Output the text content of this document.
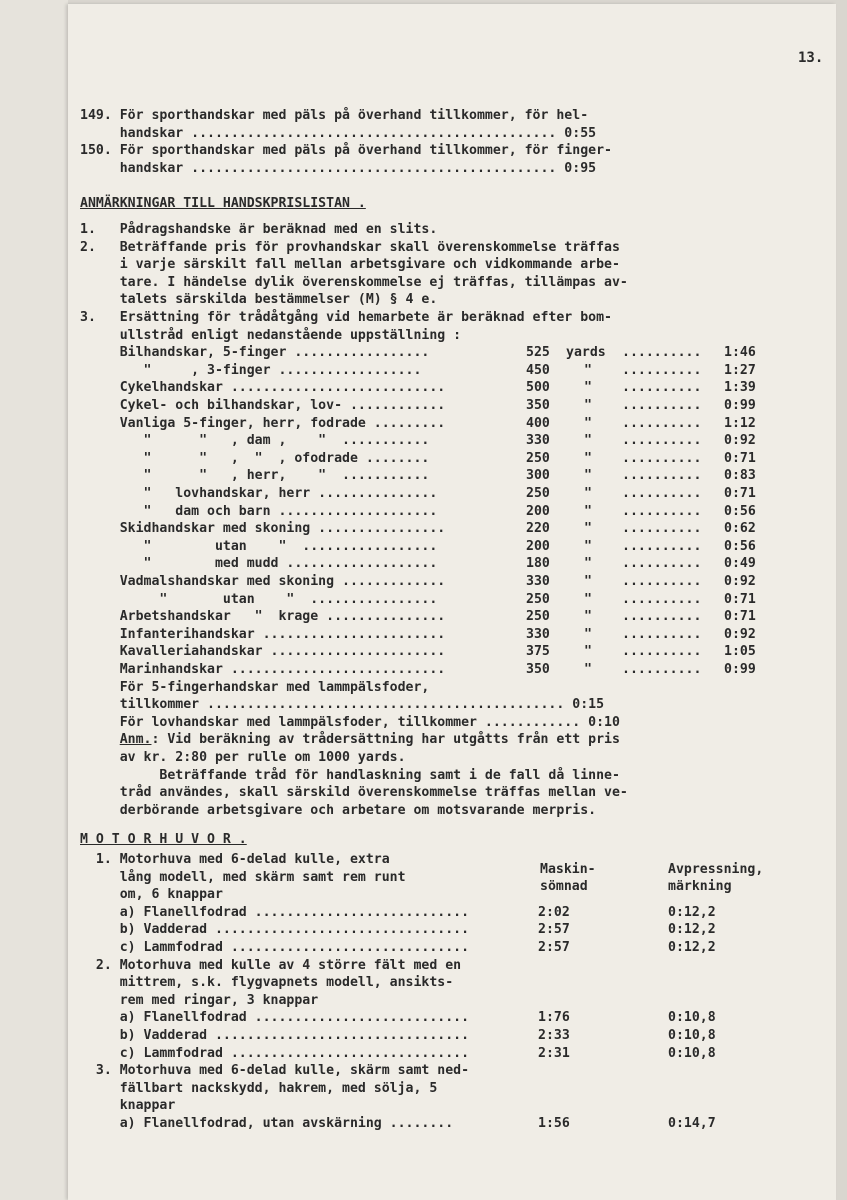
13.
149. För sporthandskar med päls på överhand tillkommer, för hel-
handskar .............................................. 0:55
150. För sporthandskar med päls på överhand tillkommer, för finger-
handskar .............................................. 0:95
ANMÄRKNINGAR TILL HANDSKPRISLISTAN .
1.   Pådragshandske är beräknad med en slits.
2.   Beträffande pris för provhandskar skall överenskommelse träffas
i varje särskilt fall mellan arbetsgivare och vidkommande arbe-
tare. I händelse dylik överenskommelse ej träffas, tillämpas av-
talets särskilda bestämmelser (M) § 4 e.
3.   Ersättning för trådåtgång vid hemarbete är beräknad efter bom-
ullstråd enligt nedanstående uppställning :
Bilhandskar, 5-finger .................	525 yards .......... 1:46
"     , 3-finger ..................	450	" .......... 1:27
Cykelhandskar ...........................	500	" .......... 1:39
Cykel- och bilhandskar, lov- ............	350	" .......... 0:99
Vanliga 5-finger, herr, fodrade .........	400	" .......... 1:12
"      "   , dam ,    "  ...........	330	" .......... 0:92
"      "   ,  "  , ofodrade ........	250	" .......... 0:71
"      "   , herr,    "  ...........	300	" .......... 0:83
"   lovhandskar, herr ...............	250	" .......... 0:71
"   dam och barn ....................	200	" .......... 0:56
Skidhandskar med skoning ................	220	" .......... 0:62
"        utan    "  .................	200	" .......... 0:56
"        med mudd ...................	180	" .......... 0:49
Vadmalshandskar med skoning .............	330	" .......... 0:92
"       utan    "  ................	250	" .......... 0:71
Arbetshandskar   "  krage ...............	250	" .......... 0:71
Infanterihandskar .......................	330	" .......... 0:92
Kavalleriahandskar ......................	375	" .......... 1:05
Marinhandskar ...........................	350	" .......... 0:99
För 5-fingerhandskar med lammpälsfoder,
tillkommer ............................................. 0:15
För lovhandskar med lammpälsfoder, tillkommer ............ 0:10
Anm.: Vid beräkning av trådersättning har utgåtts från ett pris
av kr. 2:80 per rulle om 1000 yards.
Beträffande tråd för handlaskning samt i de fall då linne-
tråd användes, skall särskild överenskommelse träffas mellan ve-
derbörande arbetsgivare och arbetare om motsvarande merpris.
M O T O R H U V O R .
Maskin-
sömnad
Avpressning,
märkning
1. Motorhuva med 6-delad kulle, extra
lång modell, med skärm samt rem runt
om, 6 knappar
a) Flanellfodrad ...........................	2:02	0:12,2
b) Vadderad ................................	2:57	0:12,2
c) Lammfodrad ..............................	2:57	0:12,2
2. Motorhuva med kulle av 4 större fält med en
mittrem, s.k. flygvapnets modell, ansikts-
rem med ringar, 3 knappar
a) Flanellfodrad ...........................	1:76	0:10,8
b) Vadderad ................................	2:33	0:10,8
c) Lammfodrad ..............................	2:31	0:10,8
3. Motorhuva med 6-delad kulle, skärm samt ned-
fällbart nackskydd, hakrem, med sölja, 5
knappar
a) Flanellfodrad, utan avskärning ........	1:56	0:14,7
